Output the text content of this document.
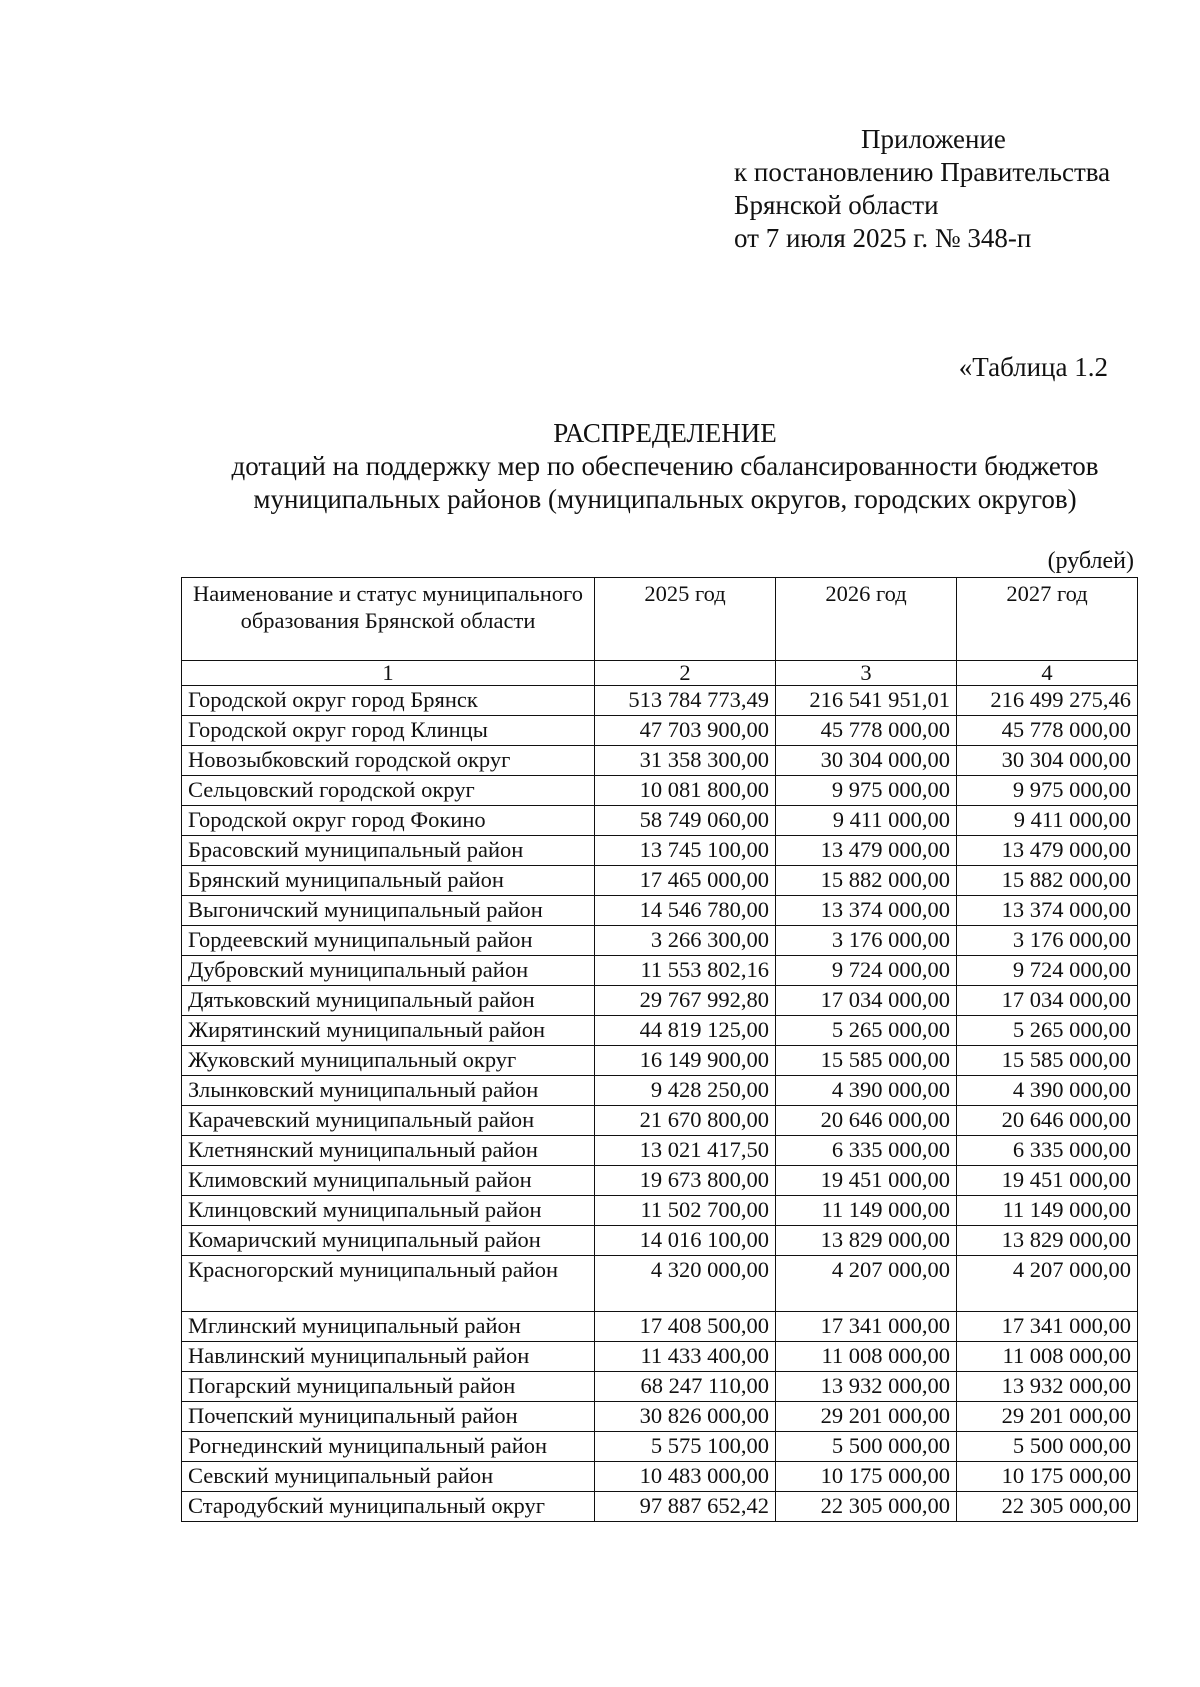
Приложение
к постановлению Правительства
Брянской области
от 7 июля 2025 г. № 348-п
«Таблица 1.2
РАСПРЕДЕЛЕНИЕ
дотаций на поддержку мер по обеспечению сбалансированности бюджетов
муниципальных районов (муниципальных округов, городских округов)
(рублей)
Наименование и статус муниципального образования Брянской области	2025 год	2026 год	2027 год
1	2	3	4
Городской округ город Брянск	513 784 773,49	216 541 951,01	216 499 275,46
Городской округ город Клинцы	47 703 900,00	45 778 000,00	45 778 000,00
Новозыбковский городской округ	31 358 300,00	30 304 000,00	30 304 000,00
Сельцовский городской округ	10 081 800,00	9 975 000,00	9 975 000,00
Городской округ город Фокино	58 749 060,00	9 411 000,00	9 411 000,00
Брасовский муниципальный район	13 745 100,00	13 479 000,00	13 479 000,00
Брянский муниципальный район	17 465 000,00	15 882 000,00	15 882 000,00
Выгоничский муниципальный район	14 546 780,00	13 374 000,00	13 374 000,00
Гордеевский муниципальный район	3 266 300,00	3 176 000,00	3 176 000,00
Дубровский муниципальный район	11 553 802,16	9 724 000,00	9 724 000,00
Дятьковский муниципальный район	29 767 992,80	17 034 000,00	17 034 000,00
Жирятинский муниципальный район	44 819 125,00	5 265 000,00	5 265 000,00
Жуковский муниципальный округ	16 149 900,00	15 585 000,00	15 585 000,00
Злынковский муниципальный район	9 428 250,00	4 390 000,00	4 390 000,00
Карачевский муниципальный район	21 670 800,00	20 646 000,00	20 646 000,00
Клетнянский муниципальный район	13 021 417,50	6 335 000,00	6 335 000,00
Климовский муниципальный район	19 673 800,00	19 451 000,00	19 451 000,00
Клинцовский муниципальный район	11 502 700,00	11 149 000,00	11 149 000,00
Комаричский муниципальный район	14 016 100,00	13 829 000,00	13 829 000,00
Красногорский муниципальный район	4 320 000,00	4 207 000,00	4 207 000,00
Мглинский муниципальный район	17 408 500,00	17 341 000,00	17 341 000,00
Навлинский муниципальный район	11 433 400,00	11 008 000,00	11 008 000,00
Погарский муниципальный район	68 247 110,00	13 932 000,00	13 932 000,00
Почепский муниципальный район	30 826 000,00	29 201 000,00	29 201 000,00
Рогнединский муниципальный район	5 575 100,00	5 500 000,00	5 500 000,00
Севский муниципальный район	10 483 000,00	10 175 000,00	10 175 000,00
Стародубский муниципальный округ	97 887 652,42	22 305 000,00	22 305 000,00
